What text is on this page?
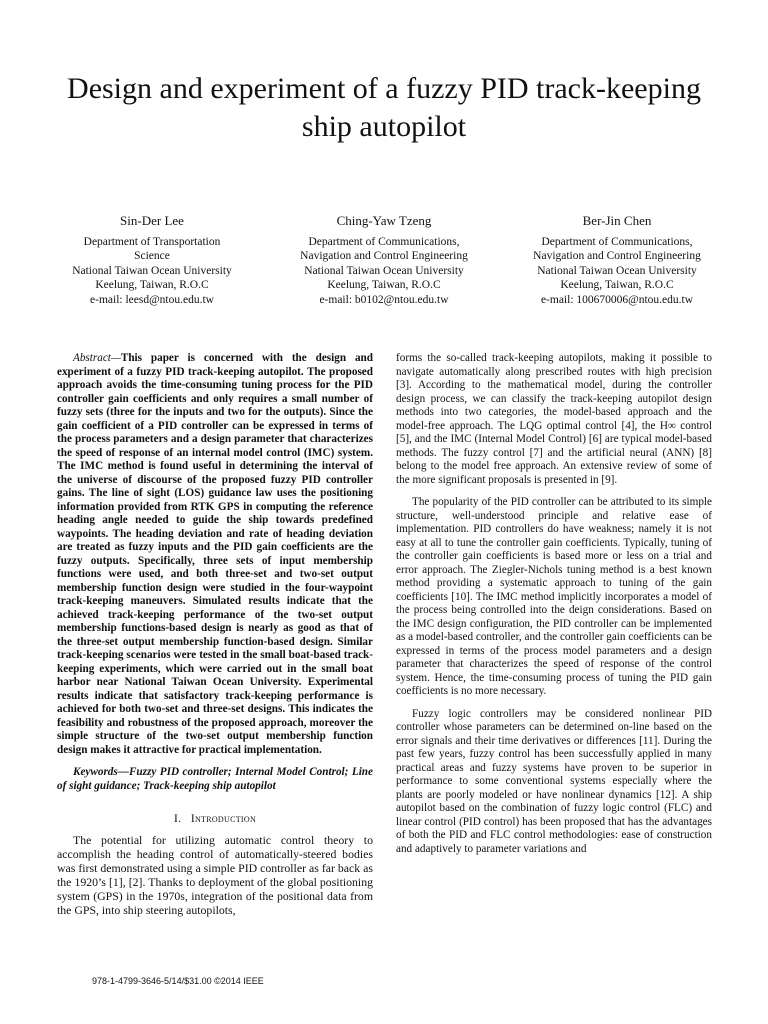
Design and experiment of a fuzzy PID track-keeping ship autopilot
Sin-Der Lee
Department of Transportation
Science
National Taiwan Ocean University
Keelung, Taiwan, R.O.C
e-mail: leesd@ntou.edu.tw
Ching-Yaw Tzeng
Department of Communications,
Navigation and Control Engineering
National Taiwan Ocean University
Keelung, Taiwan, R.O.C
e-mail: b0102@ntou.edu.tw
Ber-Jin Chen
Department of Communications,
Navigation and Control Engineering
National Taiwan Ocean University
Keelung, Taiwan, R.O.C
e-mail: 100670006@ntou.edu.tw

Abstract—This paper is concerned with the design and experiment of a fuzzy PID track-keeping autopilot. The proposed approach avoids the time-consuming tuning process for the PID controller gain coefficients and only requires a small number of fuzzy sets (three for the inputs and two for the outputs). Since the gain coefficient of a PID controller can be expressed in terms of the process parameters and a design parameter that characterizes the speed of response of an internal model control (IMC) system. The IMC method is found useful in determining the interval of the universe of discourse of the proposed fuzzy PID controller gains. The line of sight (LOS) guidance law uses the positioning information provided from RTK GPS in computing the reference heading angle needed to guide the ship towards predefined waypoints. The heading deviation and rate of heading deviation are treated as fuzzy inputs and the PID gain coefficients are the fuzzy outputs. Specifically, three sets of input membership functions were used, and both three-set and two-set output membership function design were studied in the four-waypoint track-keeping maneuvers. Simulated results indicate that the achieved track-keeping performance of the two-set output membership functions-based design is nearly as good as that of the three-set output membership function-based design. Similar track-keeping scenarios were tested in the small boat-based track-keeping experiments, which were carried out in the small boat harbor near National Taiwan Ocean University. Experimental results indicate that satisfactory track-keeping performance is achieved for both two-set and three-set designs. This indicates the feasibility and robustness of the proposed approach, moreover the simple structure of the two-set output membership function design makes it attractive for practical implementation.

Keywords—Fuzzy PID controller; Internal Model Control; Line of sight guidance; Track-keeping ship autopilot

I. Introduction

The potential for utilizing automatic control theory to accomplish the heading control of automatically-steered bodies was first demonstrated using a simple PID controller as far back as the 1920’s [1], [2]. Thanks to deployment of the global positioning system (GPS) in the 1970s, integration of the positional data from the GPS, into ship steering autopilots,

forms the so-called track-keeping autopilots, making it possible to navigate automatically along prescribed routes with high precision [3]. According to the mathematical model, during the controller design process, we can classify the track-keeping autopilot design methods into two categories, the model-based approach and the model-free approach. The LQG optimal control [4], the H∞ control [5], and the IMC (Internal Model Control) [6] are typical model-based methods. The fuzzy control [7] and the artificial neural (ANN) [8] belong to the model free approach. An extensive review of some of the more significant proposals is presented in [9].

The popularity of the PID controller can be attributed to its simple structure, well-understood principle and relative ease of implementation. PID controllers do have weakness; namely it is not easy at all to tune the controller gain coefficients. Typically, tuning of the controller gain coefficients is based more or less on a trial and error approach. The Ziegler-Nichols tuning method is a best known method providing a systematic approach to tuning of the gain coefficients [10]. The IMC method implicitly incorporates a model of the process being controlled into the deign considerations. Based on the IMC design configuration, the PID controller can be implemented as a model-based controller, and the controller gain coefficients can be expressed in terms of the process model parameters and a design parameter that characterizes the speed of response of the control system. Hence, the time-consuming process of tuning the PID gain coefficients is no more necessary.

Fuzzy logic controllers may be considered nonlinear PID controller whose parameters can be determined on-line based on the error signals and their time derivatives or differences [11]. During the past few years, fuzzy control has been successfully applied in many practical areas and fuzzy systems have proven to be superior in performance to some conventional systems especially where the plants are poorly modeled or have nonlinear dynamics [12]. A ship autopilot based on the combination of fuzzy logic control (FLC) and linear control (PID control) has been proposed that has the advantages of both the PID and FLC control methodologies: ease of construction and adaptively to parameter variations and

978-1-4799-3646-5/14/$31.00 ©2014 IEEE
